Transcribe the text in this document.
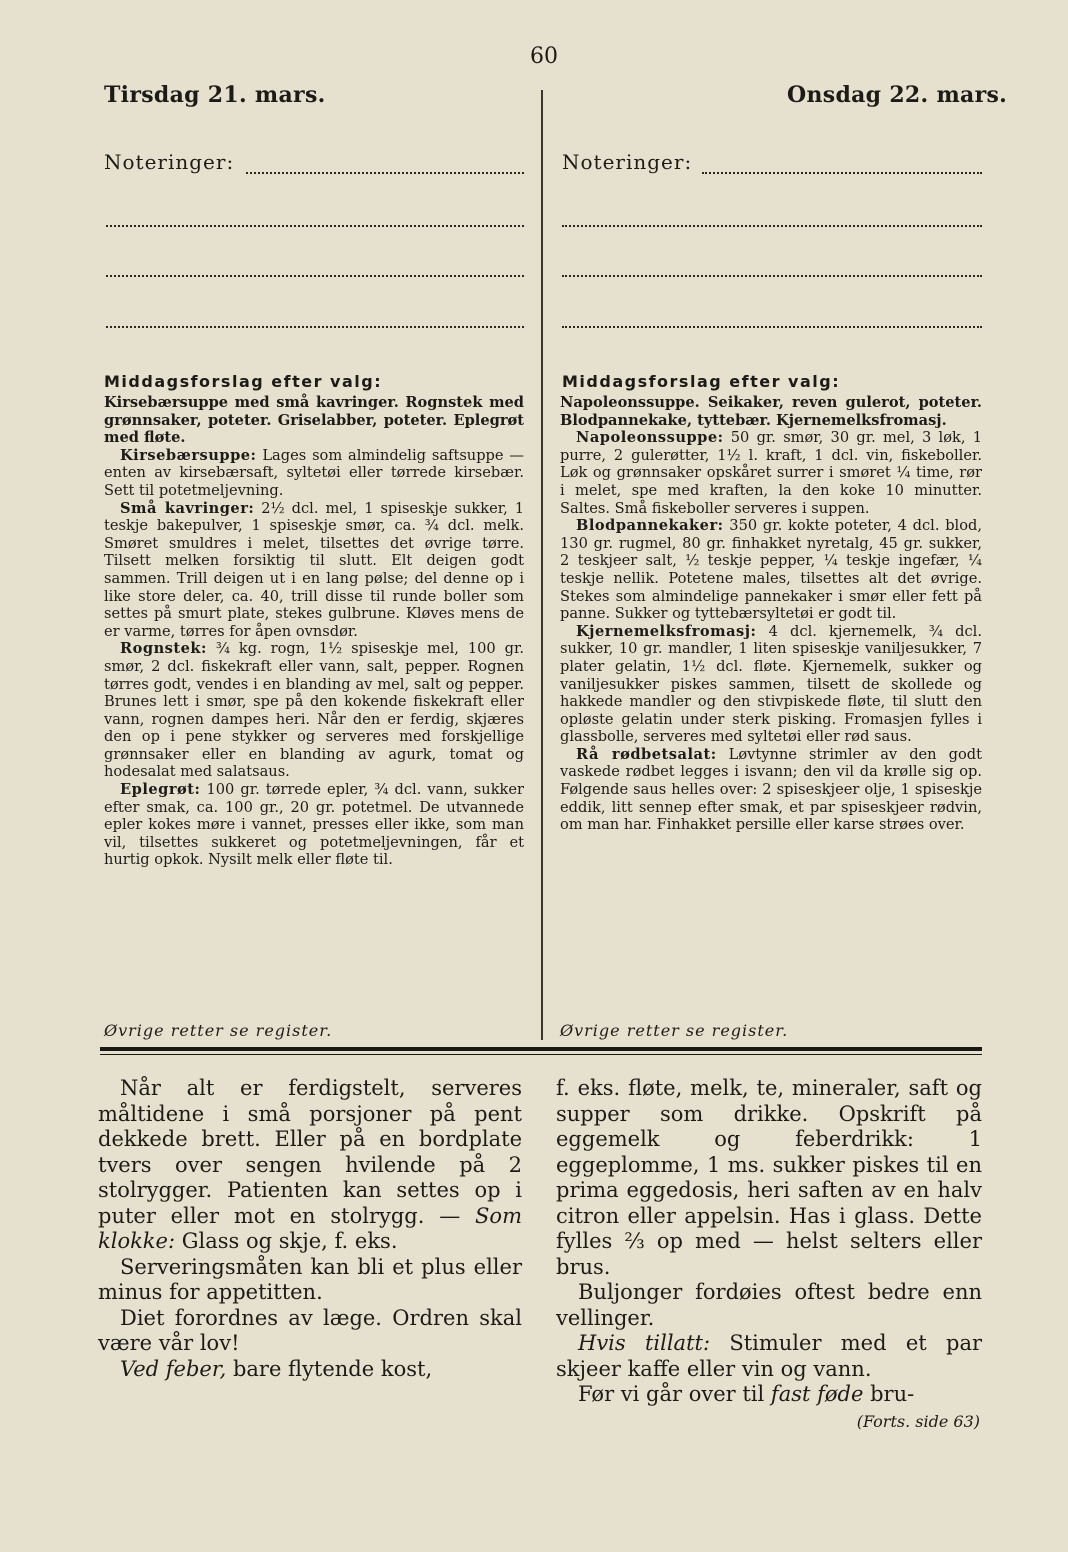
60
Tirsdag 21. mars.	Onsdag 22. mars.
Noteringer:	Noteringer:
Middagsforslag efter valg:	Middagsforslag efter valg:

Kirsebærsuppe med små kavringer. Rognstek med grønnsaker, poteter. Griselabber, poteter. Eplegrøt med fløte.

Kirsebærsuppe: Lages som almindelig saftsuppe — enten av kirsebærsaft, syltetøi eller tørrede kirsebær. Sett til potetmeljevning.

Små kavringer: 2½ dcl. mel, 1 spiseskje sukker, 1 teskje bakepulver, 1 spiseskje smør, ca. ¾ dcl. melk. Smøret smuldres i melet, tilsettes det øvrige tørre. Tilsett melken forsiktig til slutt. Elt deigen godt sammen. Trill deigen ut i en lang pølse; del denne op i like store deler, ca. 40, trill disse til runde boller som settes på smurt plate, stekes gulbrune. Kløves mens de er varme, tørres for åpen ovnsdør.

Rognstek: ¾ kg. rogn, 1½ spiseskje mel, 100 gr. smør, 2 dcl. fiskekraft eller vann, salt, pepper. Rognen tørres godt, vendes i en blanding av mel, salt og pepper. Brunes lett i smør, spe på den kokende fiskekraft eller vann, rognen dampes heri. Når den er ferdig, skjæres den op i pene stykker og serveres med forskjellige grønnsaker eller en blanding av agurk, tomat og hodesalat med salatsaus.

Eplegrøt: 100 gr. tørrede epler, ¾ dcl. vann, sukker efter smak, ca. 100 gr., 20 gr. potetmel. De utvannede epler kokes møre i vannet, presses eller ikke, som man vil, tilsettes sukkeret og potetmeljevningen, får et hurtig opkok. Nysilt melk eller fløte til.

Napoleonssuppe. Seikaker, reven gulerot, poteter. Blodpannekake, tyttebær. Kjernemelksfromasj.

Napoleonssuppe: 50 gr. smør, 30 gr. mel, 3 løk, 1 purre, 2 gulerøtter, 1½ l. kraft, 1 dcl. vin, fiskeboller. Løk og grønnsaker opskåret surrer i smøret ¼ time, rør i melet, spe med kraften, la den koke 10 minutter. Saltes. Små fiskeboller serveres i suppen.

Blodpannekaker: 350 gr. kokte poteter, 4 dcl. blod, 130 gr. rugmel, 80 gr. finhakket nyretalg, 45 gr. sukker, 2 teskjeer salt, ½ teskje pepper, ¼ teskje ingefær, ¼ teskje nellik. Potetene males, tilsettes alt det øvrige. Stekes som almindelige pannekaker i smør eller fett på panne. Sukker og tyttebærsyltetøi er godt til.

Kjernemelksfromasj: 4 dcl. kjernemelk, ¾ dcl. sukker, 10 gr. mandler, 1 liten spiseskje vaniljesukker, 7 plater gelatin, 1½ dcl. fløte. Kjernemelk, sukker og vaniljesukker piskes sammen, tilsett de skollede og hakkede mandler og den stivpiskede fløte, til slutt den opløste gelatin under sterk pisking. Fromasjen fylles i glassbolle, serveres med syltetøi eller rød saus.

Rå rødbetsalat: Løvtynne strimler av den godt vaskede rødbet legges i isvann; den vil da krølle sig op. Følgende saus helles over: 2 spiseskjeer olje, 1 spiseskje eddik, litt sennep efter smak, et par spiseskjeer rødvin, om man har. Finhakket persille eller karse strøes over.

Øvrige retter se register.	Øvrige retter se register.

Når alt er ferdigstelt, serveres måltidene i små porsjoner på pent dekkede brett. Eller på en bordplate tvers over sengen hvilende på 2 stolrygger. Patienten kan settes op i puter eller mot en stolrygg. — Som klokke: Glass og skje, f. eks.

Serveringsmåten kan bli et plus eller minus for appetitten.

Diet forordnes av læge. Ordren skal være vår lov!

Ved feber, bare flytende kost,

f. eks. fløte, melk, te, mineraler, saft og supper som drikke. Opskrift på eggemelk og feberdrikk: 1 eggeplomme, 1 ms. sukker piskes til en prima eggedosis, heri saften av en halv citron eller appelsin. Has i glass. Dette fylles ⅔ op med — helst selters eller brus.

Buljonger fordøies oftest bedre enn vellinger.

Hvis tillatt: Stimuler med et par skjeer kaffe eller vin og vann.

Før vi går over til fast føde bru-

(Forts. side 63)
